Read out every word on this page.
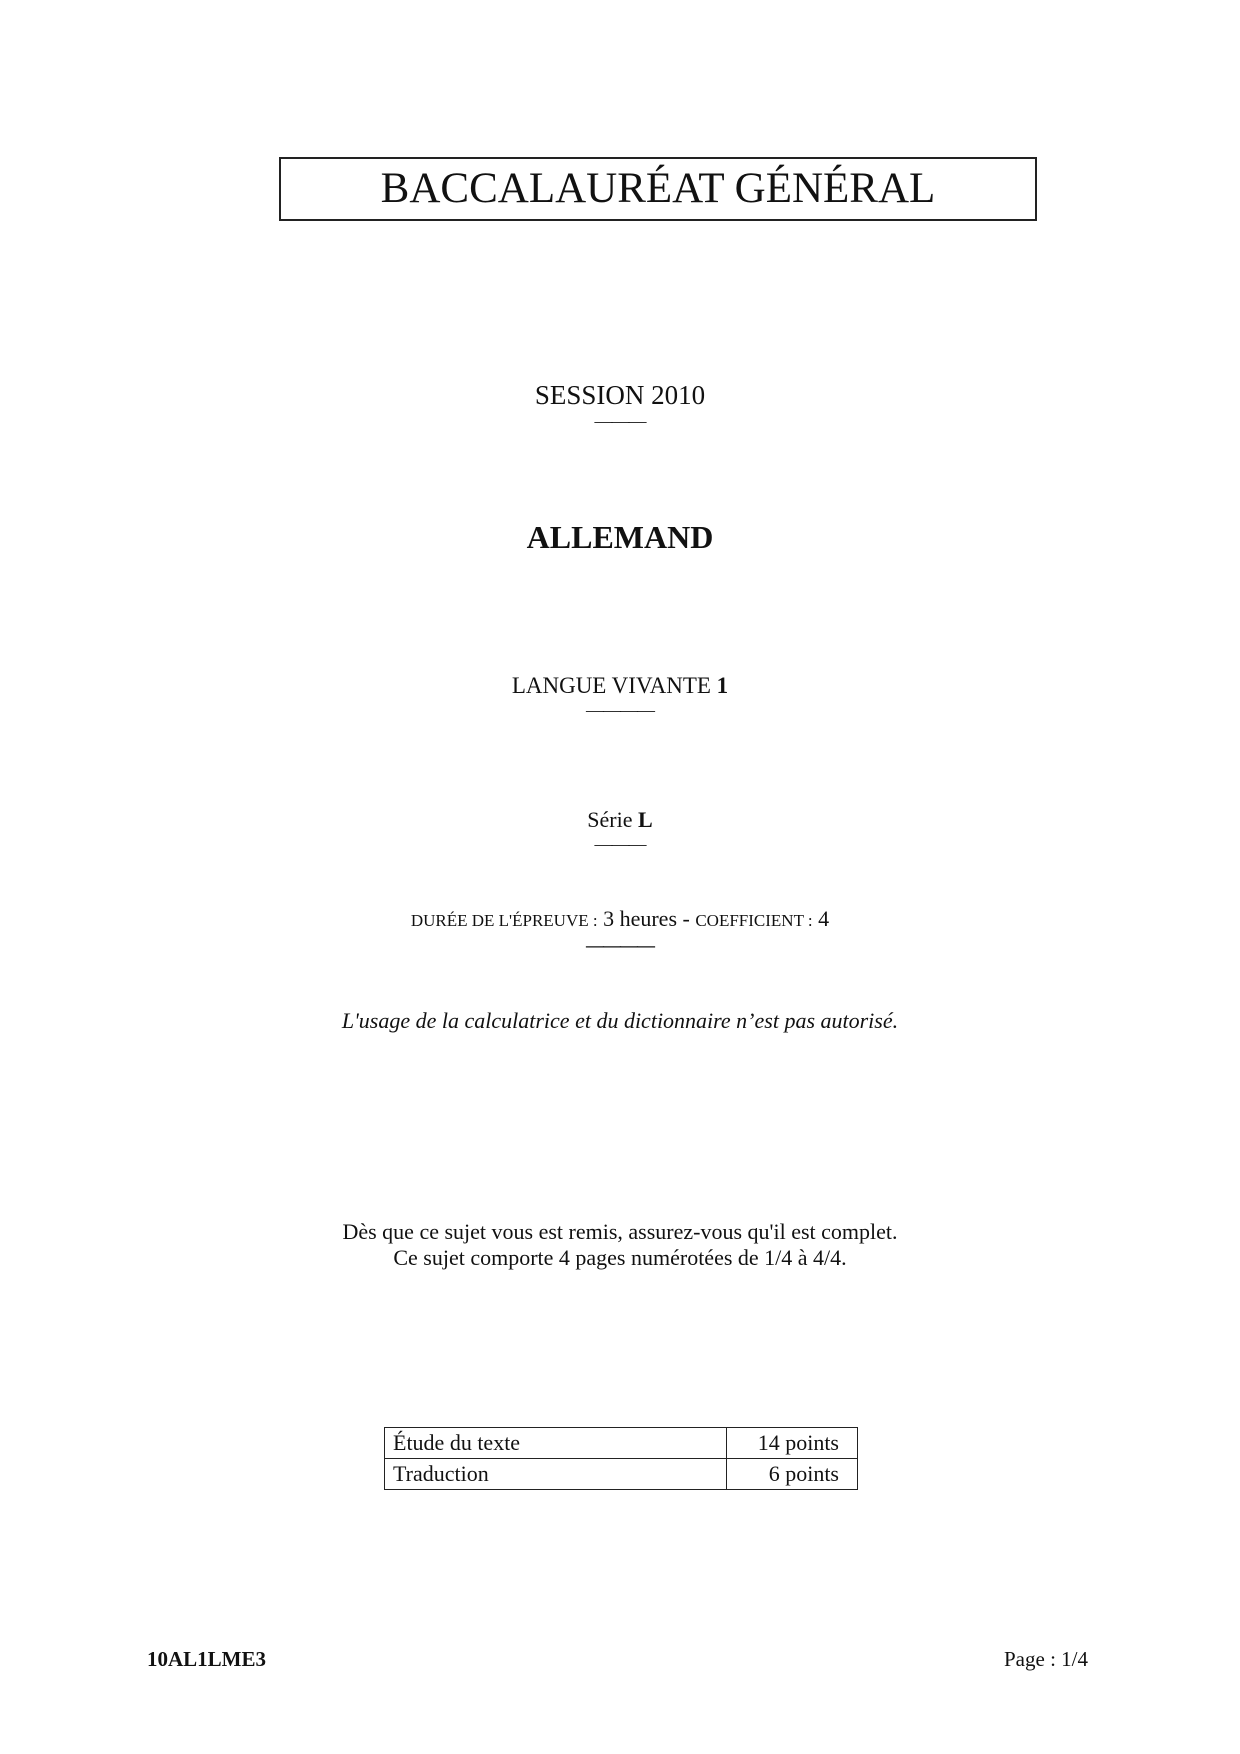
BACCALAURÉAT GÉNÉRAL
SESSION 2010
———
ALLEMAND
LANGUE VIVANTE 1
————
Série L
———
DURÉE DE L'ÉPREUVE : 3 heures - COEFFICIENT : 4
————
L'usage de la calculatrice et du dictionnaire n’est pas autorisé.
Dès que ce sujet vous est remis, assurez-vous qu'il est complet.
Ce sujet comporte 4 pages numérotées de 1/4 à 4/4.
Étude du texte	14 points
Traduction	6 points
10AL1LME3	Page : 1/4
